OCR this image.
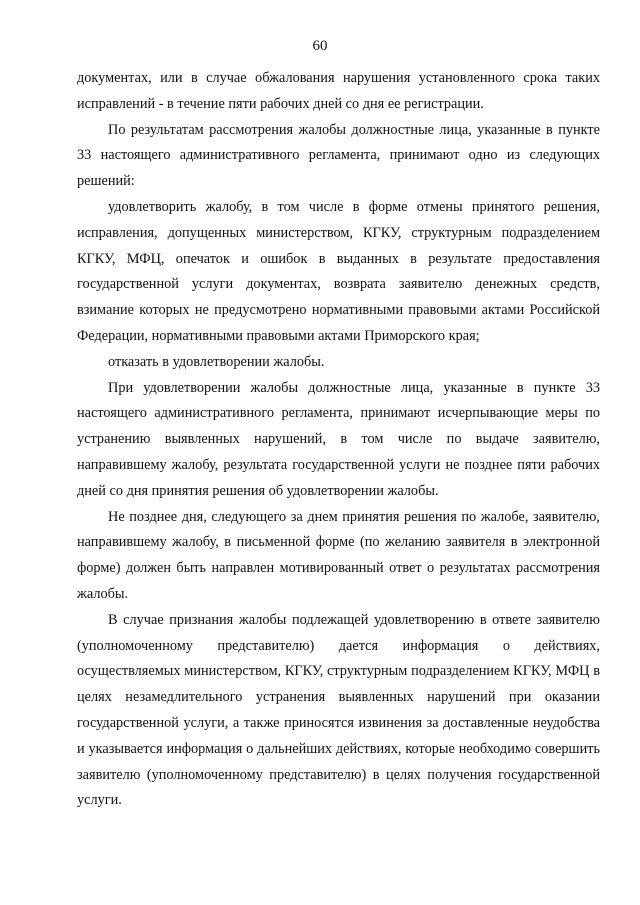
60

документах, или в случае обжалования нарушения установленного срока таких исправлений - в течение пяти рабочих дней со дня ее регистрации.

По результатам рассмотрения жалобы должностные лица, указанные в пункте 33 настоящего административного регламента, принимают одно из следующих решений:

удовлетворить жалобу, в том числе в форме отмены принятого решения, исправления, допущенных министерством, КГКУ, структурным подразделением КГКУ, МФЦ, опечаток и ошибок в выданных в результате предоставления государственной услуги документах, возврата заявителю денежных средств, взимание которых не предусмотрено нормативными правовыми актами Российской Федерации, нормативными правовыми актами Приморского края;

отказать в удовлетворении жалобы.

При удовлетворении жалобы должностные лица, указанные в пункте 33 настоящего административного регламента, принимают исчерпывающие меры по устранению выявленных нарушений, в том числе по выдаче заявителю, направившему жалобу, результата государственной услуги не позднее пяти рабочих дней со дня принятия решения об удовлетворении жалобы.

Не позднее дня, следующего за днем принятия решения по жалобе, заявителю, направившему жалобу, в письменной форме (по желанию заявителя в электронной форме) должен быть направлен мотивированный ответ о результатах рассмотрения жалобы.

В случае признания жалобы подлежащей удовлетворению в ответе заявителю (уполномоченному представителю) дается информация о действиях, осуществляемых министерством, КГКУ, структурным подразделением КГКУ, МФЦ в целях незамедлительного устранения выявленных нарушений при оказании государственной услуги, а также приносятся извинения за доставленные неудобства и указывается информация о дальнейших действиях, которые необходимо совершить заявителю (уполномоченному представителю) в целях получения государственной услуги.
